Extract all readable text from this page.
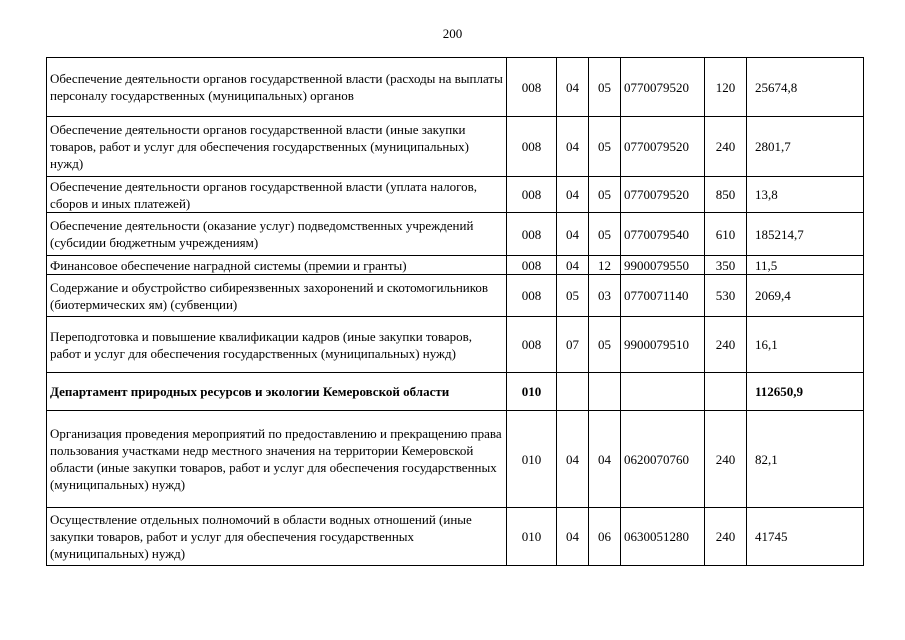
200
Обеспечение деятельности органов государственной власти (расходы на выплаты персоналу государственных (муниципальных) органов	008	04	05	0770079520	120	25674,8
Обеспечение деятельности органов государственной власти (иные закупки товаров, работ и услуг для обеспечения государственных (муниципальных) нужд)	008	04	05	0770079520	240	2801,7
Обеспечение деятельности органов государственной власти (уплата налогов, сборов и иных платежей)	008	04	05	0770079520	850	13,8
Обеспечение деятельности (оказание услуг) подведомственных учреждений (субсидии бюджетным учреждениям)	008	04	05	0770079540	610	185214,7
Финансовое обеспечение наградной системы (премии и гранты)	008	04	12	9900079550	350	11,5
Содержание и обустройство сибиреязвенных захоронений и скотомогильников (биотермических ям) (субвенции)	008	05	03	0770071140	530	2069,4
Переподготовка и повышение квалификации кадров (иные закупки товаров, работ и услуг для обеспечения государственных (муниципальных) нужд)	008	07	05	9900079510	240	16,1
Департамент природных ресурсов и экологии Кемеровской области	010					112650,9
Организация проведения мероприятий по предоставлению и прекращению права пользования участками недр местного значения на территории Кемеровской области (иные закупки товаров, работ и услуг для обеспечения государственных (муниципальных) нужд)	010	04	04	0620070760	240	82,1
Осуществление отдельных полномочий в области водных отношений (иные закупки товаров, работ и услуг для обеспечения государственных (муниципальных) нужд)	010	04	06	0630051280	240	41745
